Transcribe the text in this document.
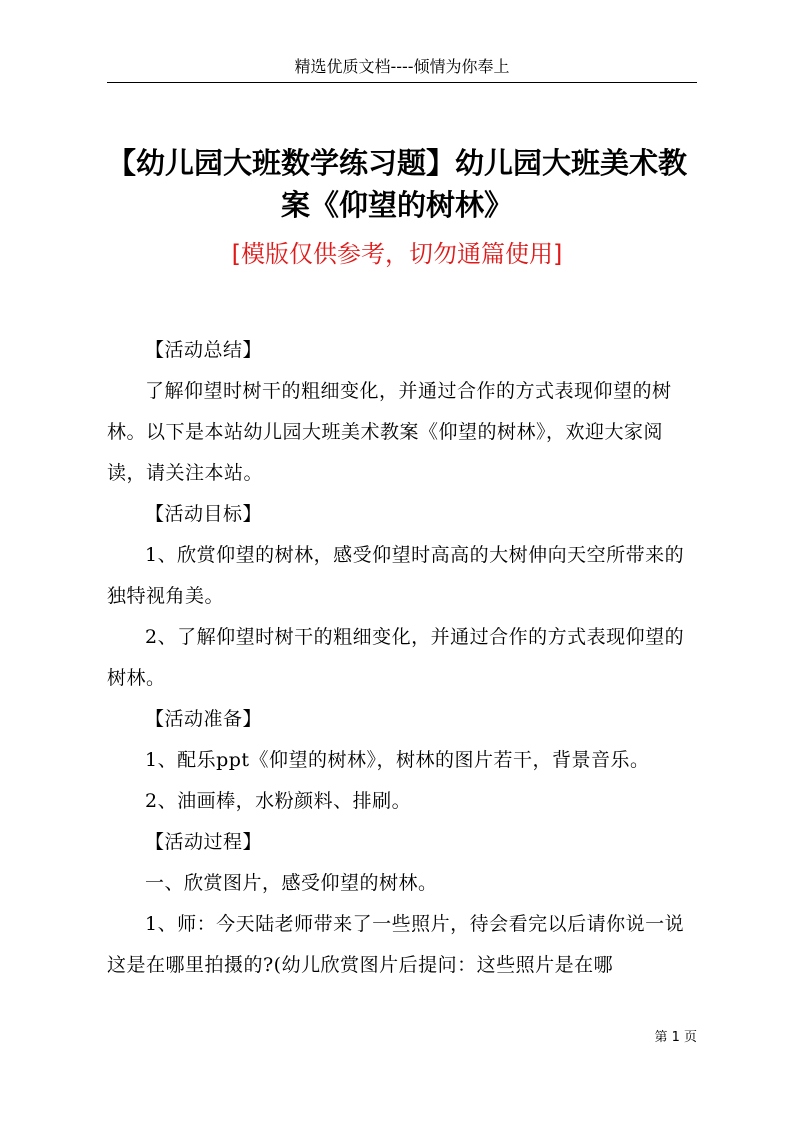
精选优质文档----倾情为你奉上
【幼儿园大班数学练习题】幼儿园大班美术教
案《仰望的树林》
[模版仅供参考，切勿通篇使用]

【活动总结】

了解仰望时树干的粗细变化，并通过合作的方式表现仰望的树林。以下是本站幼儿园大班美术教案《仰望的树林》，欢迎大家阅读，请关注本站。

【活动目标】

1、欣赏仰望的树林，感受仰望时高高的大树伸向天空所带来的独特视角美。

2、了解仰望时树干的粗细变化，并通过合作的方式表现仰望的树林。

【活动准备】

1、配乐ppt《仰望的树林》，树林的图片若干，背景音乐。

2、油画棒，水粉颜料、排刷。

【活动过程】

一、欣赏图片，感受仰望的树林。

1、师：今天陆老师带来了一些照片，待会看完以后请你说一说这是在哪里拍摄的?(幼儿欣赏图片后提问：这些照片是在哪

第 1 页
